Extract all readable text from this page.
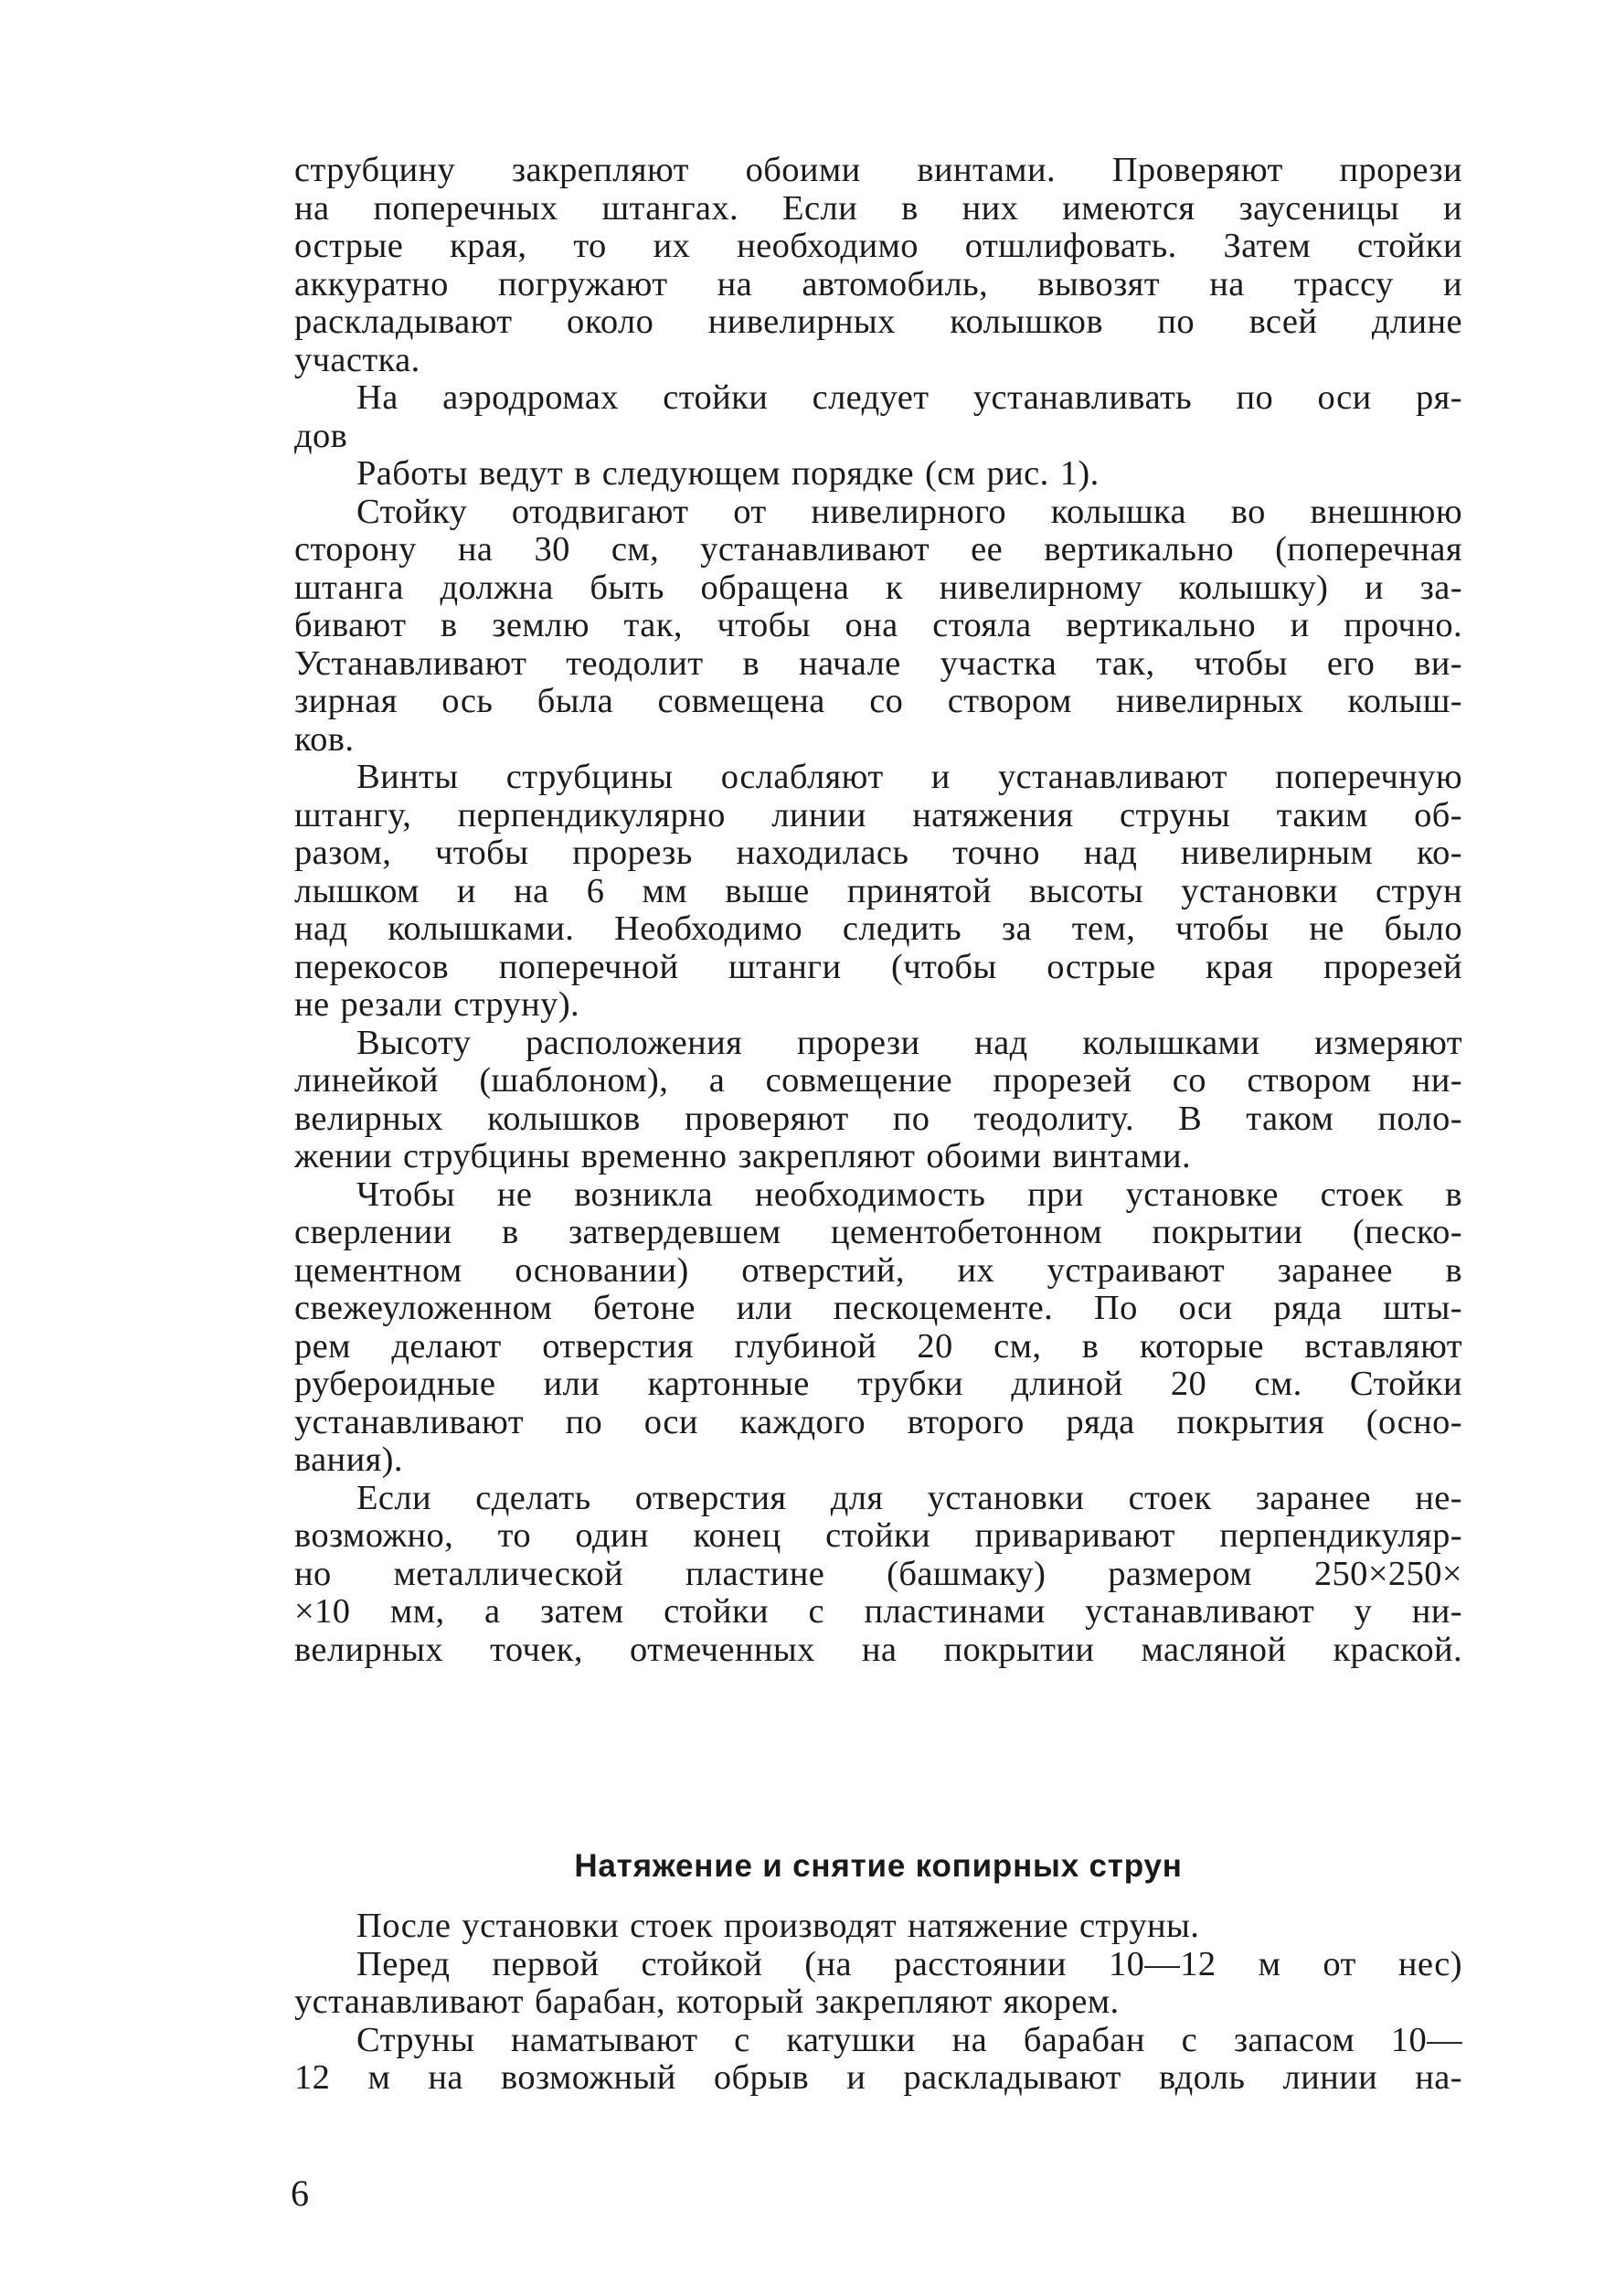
струбцину закрепляют обоими винтами. Проверяют прорези
на поперечных штангах. Если в них имеются заусеницы и
острые края, то их необходимо отшлифовать. Затем стойки
аккуратно погружают на автомобиль, вывозят на трассу и
раскладывают около нивелирных колышков по всей длине
участка.
На аэродромах стойки следует устанавливать по оси ря-
дов
Работы ведут в следующем порядке (см рис. 1).
Стойку отодвигают от нивелирного колышка во внешнюю
сторону на 30 см, устанавливают ее вертикально (поперечная
штанга должна быть обращена к нивелирному колышку) и за-
бивают в землю так, чтобы она стояла вертикально и прочно.
Устанавливают теодолит в начале участка так, чтобы его ви-
зирная ось была совмещена со створом нивелирных колыш-
ков.
Винты струбцины ослабляют и устанавливают поперечную
штангу, перпендикулярно линии натяжения струны таким об-
разом, чтобы прорезь находилась точно над нивелирным ко-
лышком и на 6 мм выше принятой высоты установки струн
над колышками. Необходимо следить за тем, чтобы не было
перекосов поперечной штанги (чтобы острые края прорезей
не резали струну).
Высоту расположения прорези над колышками измеряют
линейкой (шаблоном), а совмещение прорезей со створом ни-
велирных колышков проверяют по теодолиту. В таком поло-
жении струбцины временно закрепляют обоими винтами.
Чтобы не возникла необходимость при установке стоек в
сверлении в затвердевшем цементобетонном покрытии (песко-
цементном основании) отверстий, их устраивают заранее в
свежеуложенном бетоне или пескоцементе. По оси ряда шты-
рем делают отверстия глубиной 20 см, в которые вставляют
рубероидные или картонные трубки длиной 20 см. Стойки
устанавливают по оси каждого второго ряда покрытия (осно-
вания).
Если сделать отверстия для установки стоек заранее не-
возможно, то один конец стойки приваривают перпендикуляр-
но металлической пластине (башмаку) размером 250×250×
×10 мм, а затем стойки с пластинами устанавливают у ни-
велирных точек, отмеченных на покрытии масляной краской.
Натяжение и снятие копирных струн
После установки стоек производят натяжение струны.
Перед первой стойкой (на расстоянии 10—12 м от нес)
устанавливают барабан, который закрепляют якорем.
Струны наматывают с катушки на барабан с запасом 10—
12 м на возможный обрыв и раскладывают вдоль линии на-
6
